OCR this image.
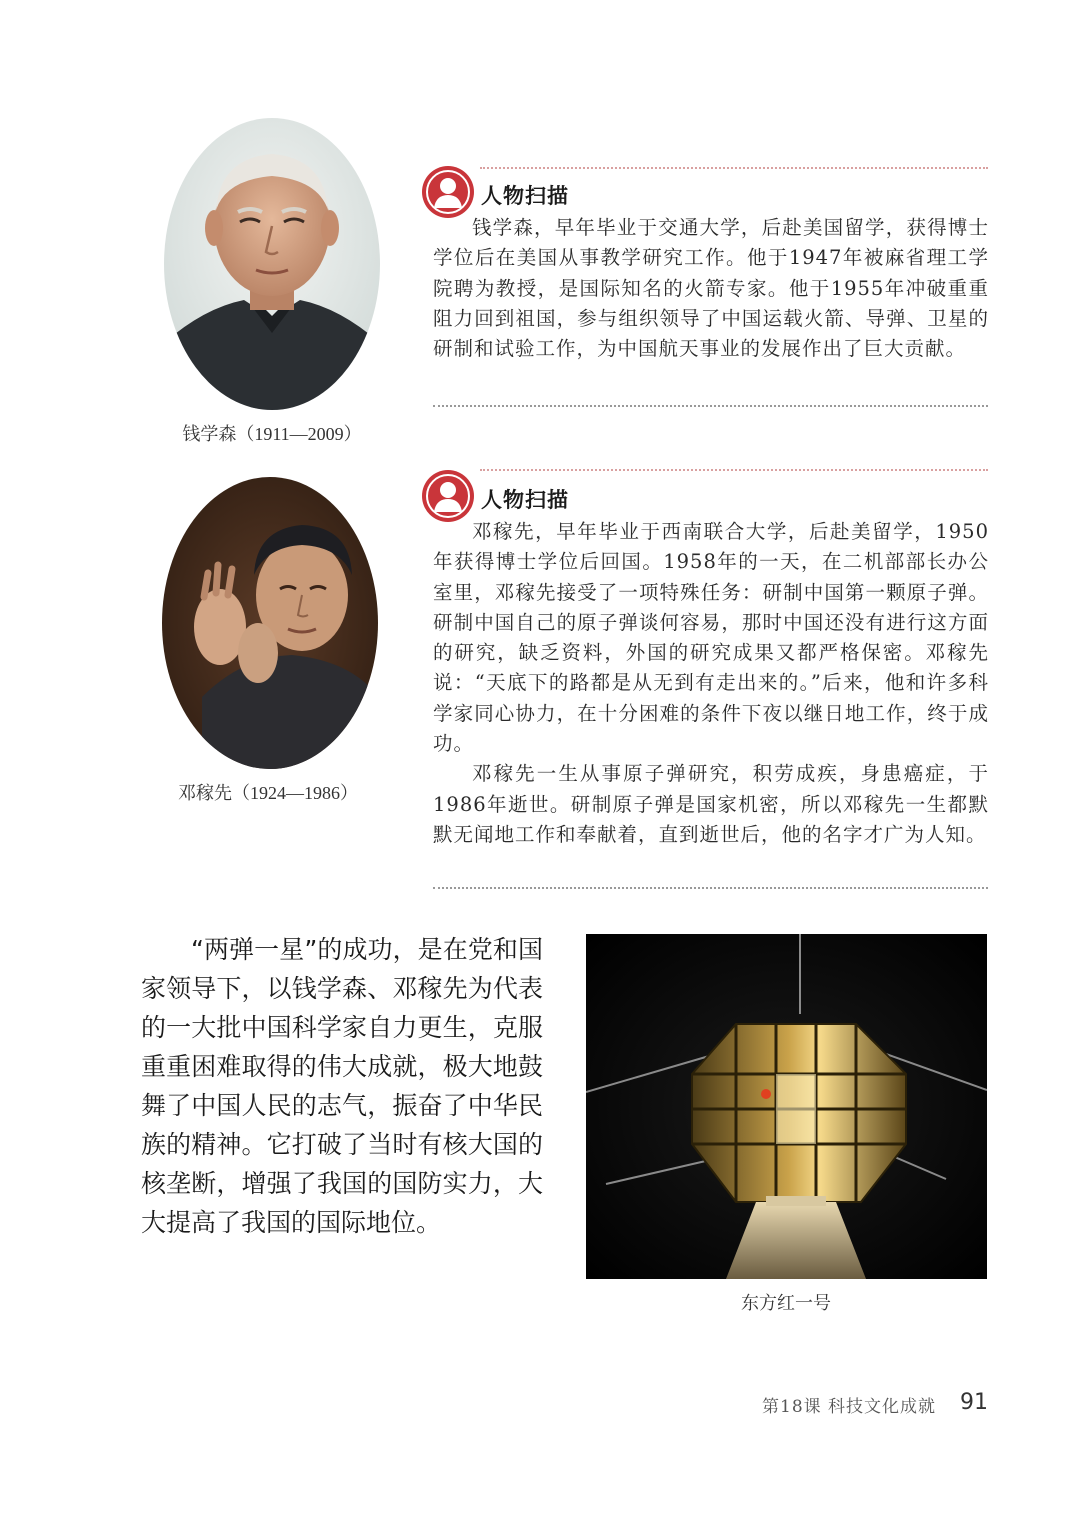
钱学森（1911—2009）
人物扫描

钱学森，早年毕业于交通大学，后赴美国留学，获得博士学位后在美国从事教学研究工作。他于1947年被麻省理工学院聘为教授，是国际知名的火箭专家。他于1955年冲破重重阻力回到祖国，参与组织领导了中国运载火箭、导弹、卫星的研制和试验工作，为中国航天事业的发展作出了巨大贡献。

邓稼先（1924—1986）
人物扫描

邓稼先，早年毕业于西南联合大学，后赴美留学，1950年获得博士学位后回国。1958年的一天，在二机部部长办公室里，邓稼先接受了一项特殊任务：研制中国第一颗原子弹。研制中国自己的原子弹谈何容易，那时中国还没有进行这方面的研究，缺乏资料，外国的研究成果又都严格保密。邓稼先说：“天底下的路都是从无到有走出来的。”后来，他和许多科学家同心协力，在十分困难的条件下夜以继日地工作，终于成功。

邓稼先一生从事原子弹研究，积劳成疾，身患癌症，于1986年逝世。研制原子弹是国家机密，所以邓稼先一生都默默无闻地工作和奉献着，直到逝世后，他的名字才广为人知。

“两弹一星”的成功，是在党和国家领导下，以钱学森、邓稼先为代表的一大批中国科学家自力更生，克服重重困难取得的伟大成就，极大地鼓舞了中国人民的志气，振奋了中华民族的精神。它打破了当时有核大国的核垄断，增强了我国的国防实力，大大提高了我国的国际地位。

东方红一号
第18课 科技文化成就 91
